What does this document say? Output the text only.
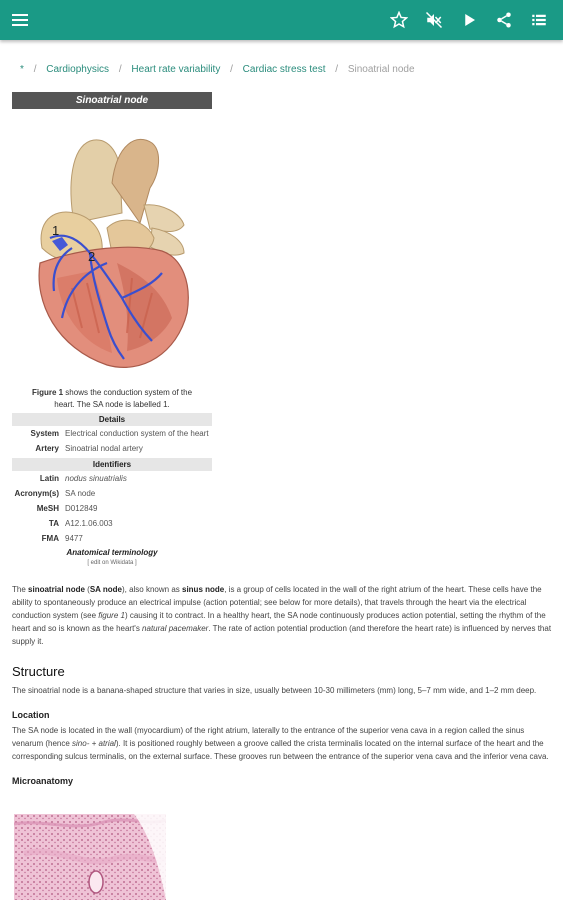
* / Cardiophysics / Heart rate variability / Cardiac stress test / Sinoatrial node
Sinoatrial node
1
2
Figure 1 shows the conduction system of the heart. The SA node is labelled 1.
Details
System Electrical conduction system of the heart
Artery Sinoatrial nodal artery
Identifiers
Latin nodus sinuatrialis
Acronym(s) SA node
MeSH D012849
TA A12.1.06.003
FMA 9477
Anatomical terminology
[ edit on Wikidata ]

The sinoatrial node (SA node), also known as sinus node, is a group of cells located in the wall of the right atrium of the heart. These cells have the ability to spontaneously produce an electrical impulse (action potential; see below for more details), that travels through the heart via the electrical conduction system (see figure 1) causing it to contract. In a healthy heart, the SA node continuously produces action potential, setting the rhythm of the heart and so is known as the heart's natural pacemaker. The rate of action potential production (and therefore the heart rate) is influenced by nerves that supply it.

Structure

The sinoatrial node is a banana-shaped structure that varies in size, usually between 10-30 millimeters (mm) long, 5–7 mm wide, and 1–2 mm deep.

Location

The SA node is located in the wall (myocardium) of the right atrium, laterally to the entrance of the superior vena cava in a region called the sinus venarum (hence sino- + atrial). It is positioned roughly between a groove called the crista terminalis located on the internal surface of the heart and the corresponding sulcus terminalis, on the external surface. These grooves run between the entrance of the superior vena cava and the inferior vena cava.

Microanatomy
